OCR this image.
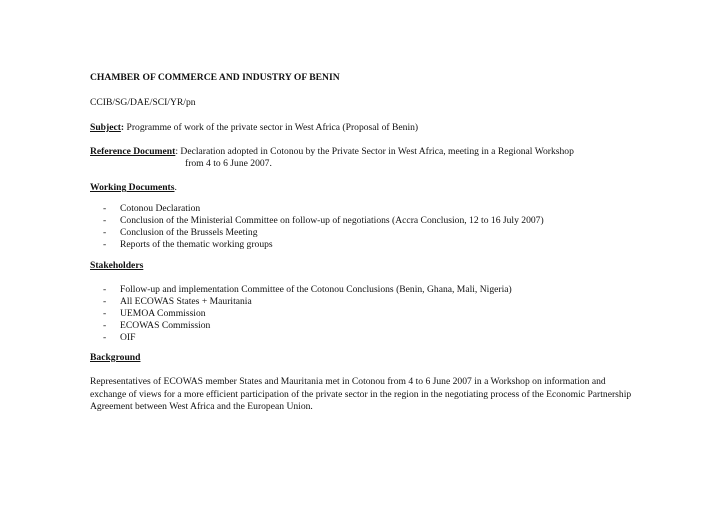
CHAMBER OF COMMERCE AND INDUSTRY OF BENIN
CCIB/SG/DAE/SCI/YR/pn
Subject: Programme of work of the private sector in West Africa (Proposal of Benin)
Reference Document: Declaration adopted in Cotonou by the Private Sector in West Africa, meeting in a Regional Workshop
from 4 to 6 June 2007.
Working Documents.
- Cotonou Declaration
- Conclusion of the Ministerial Committee on follow-up of negotiations (Accra Conclusion, 12 to 16 July 2007)
- Conclusion of the Brussels Meeting
- Reports of the thematic working groups
Stakeholders
- Follow-up and implementation Committee of the Cotonou Conclusions (Benin, Ghana, Mali, Nigeria)
- All ECOWAS States + Mauritania
- UEMOA Commission
- ECOWAS Commission
- OIF
Background
Representatives of ECOWAS member States and Mauritania met in Cotonou from 4 to 6 June 2007 in a Workshop on information and exchange of views for a more efficient participation of the private sector in the region in the negotiating process of the Economic Partnership Agreement between West Africa and the European Union.
